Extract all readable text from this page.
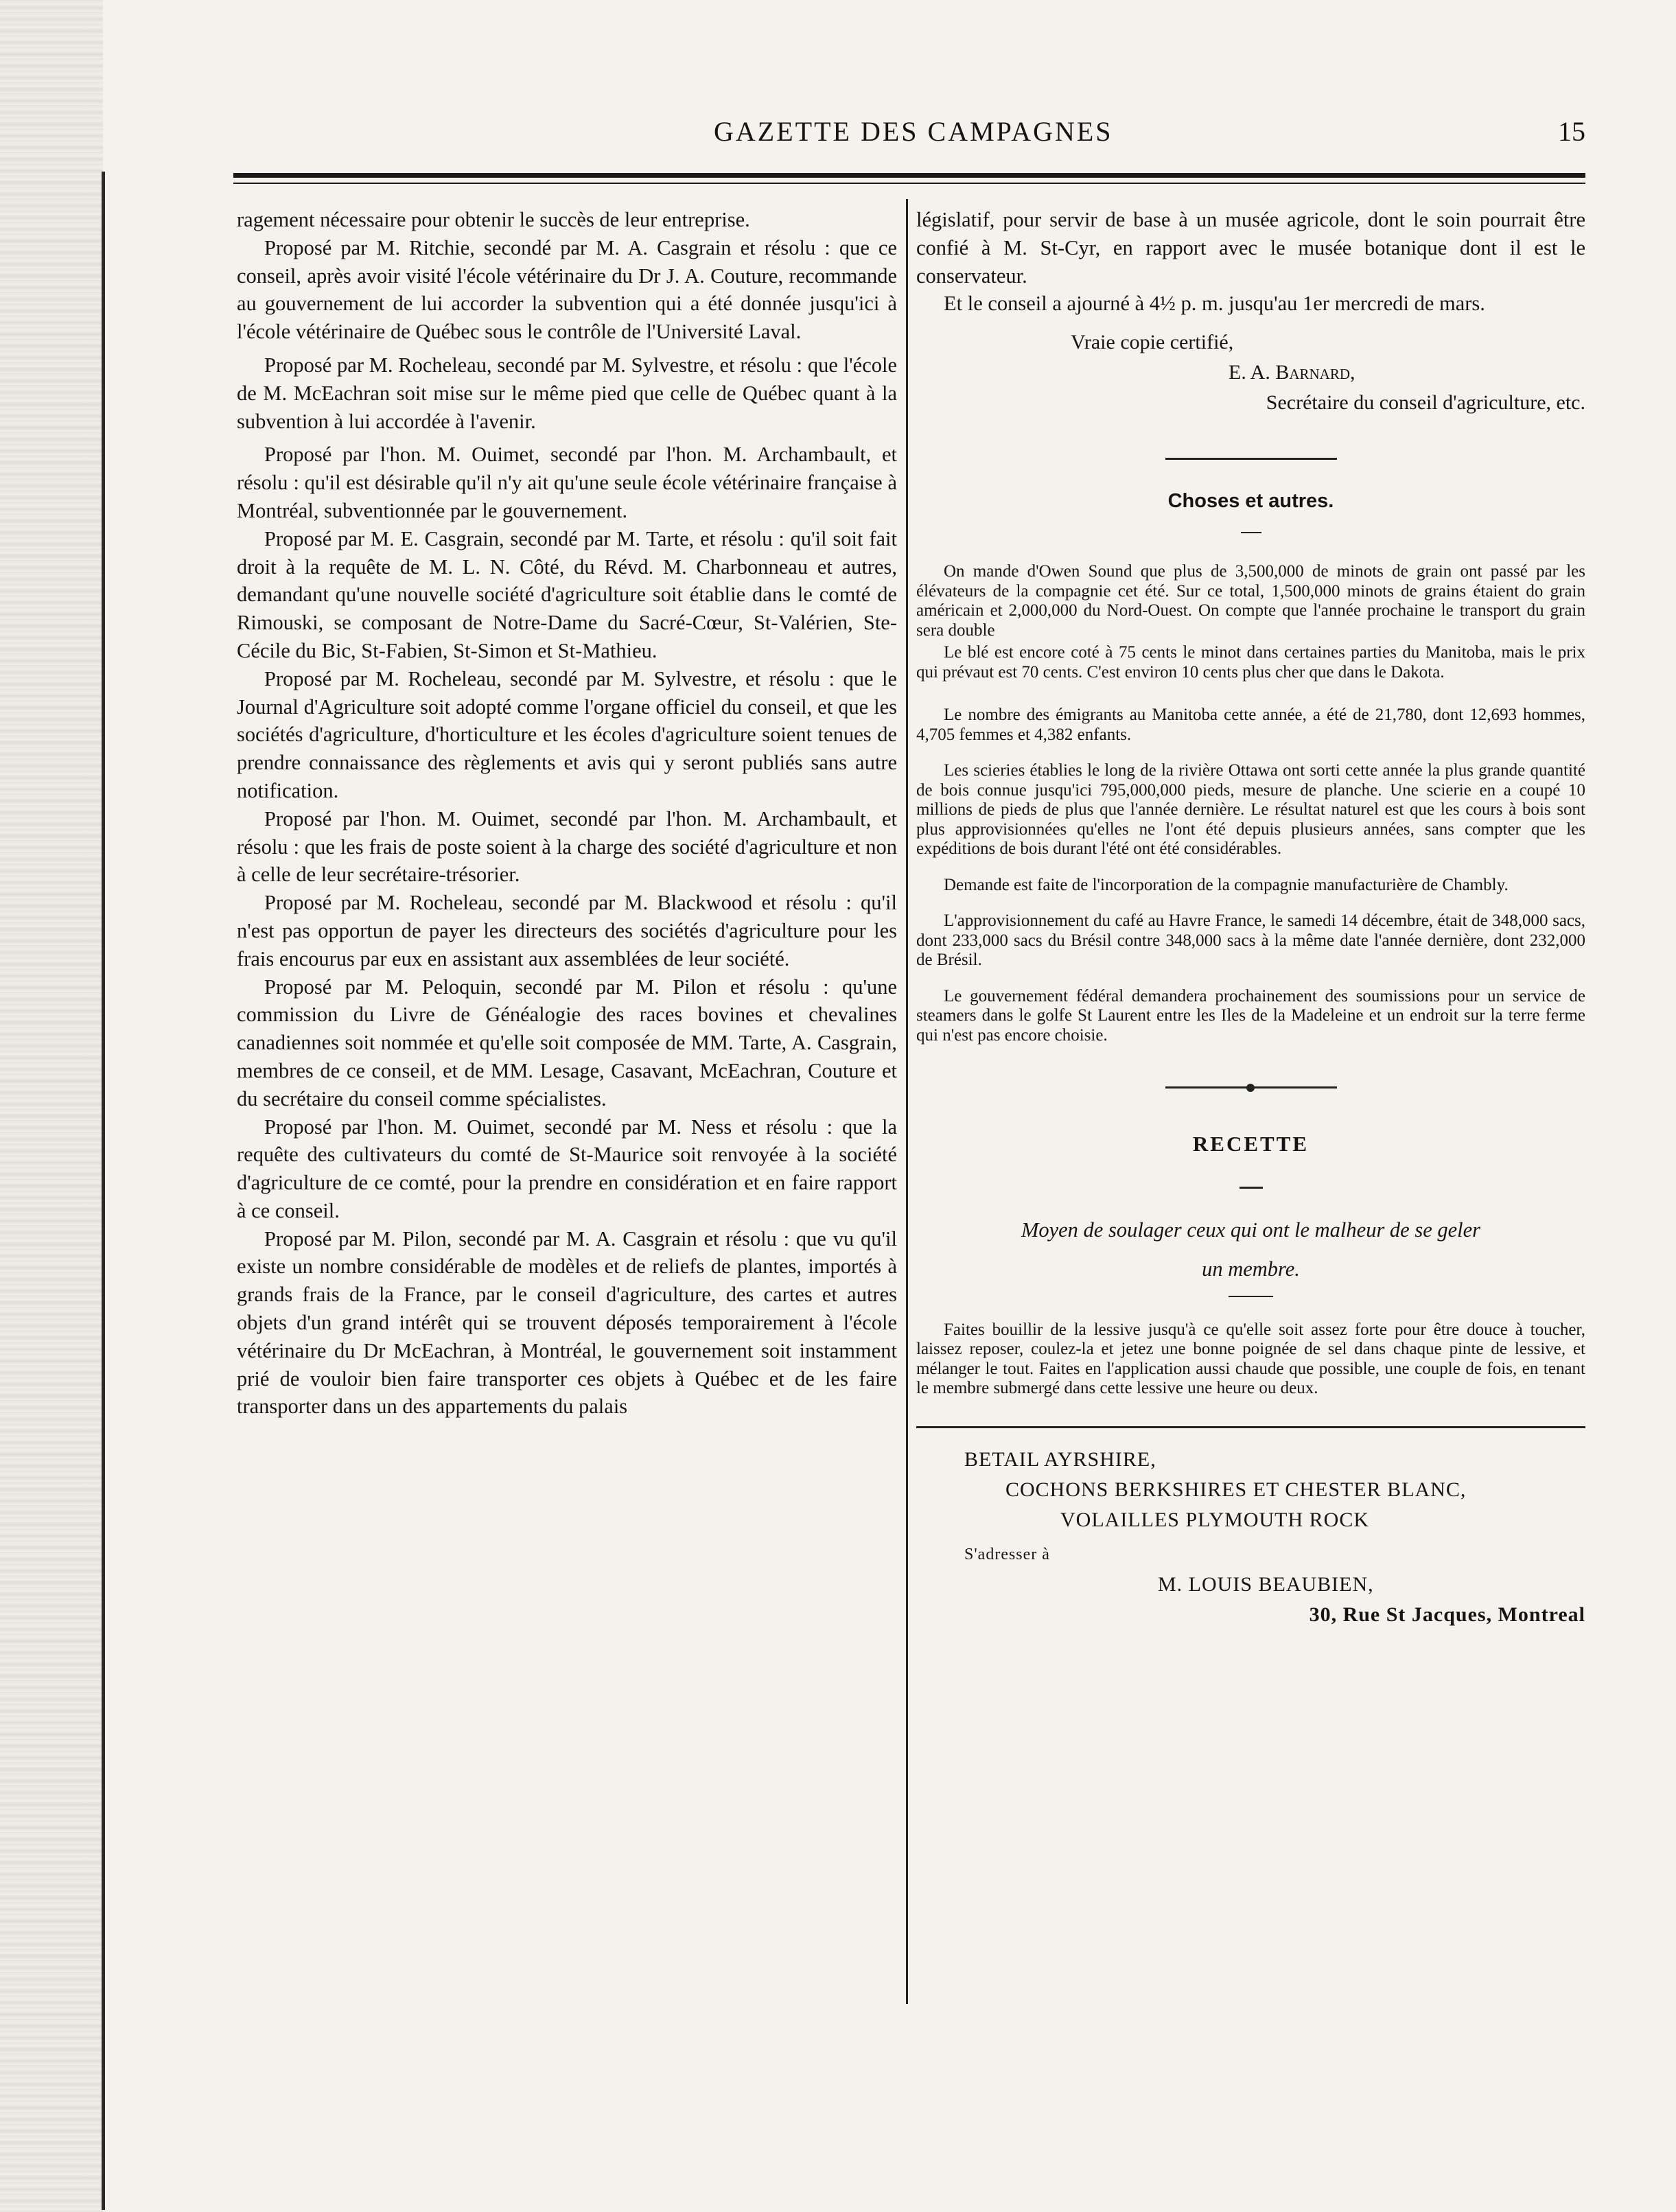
GAZETTE DES CAMPAGNES	15

ragement nécessaire pour obtenir le succès de leur entreprise.

Proposé par M. Ritchie, secondé par M. A. Casgrain et résolu : que ce conseil, après avoir visité l'école vétérinaire du Dr J. A. Couture, recommande au gouvernement de lui accorder la subvention qui a été donnée jusqu'ici à l'école vétérinaire de Québec sous le contrôle de l'Université Laval.

Proposé par M. Rocheleau, secondé par M. Sylvestre, et résolu : que l'école de M. McEachran soit mise sur le même pied que celle de Québec quant à la subvention à lui accordée à l'avenir.

Proposé par l'hon. M. Ouimet, secondé par l'hon. M. Archambault, et résolu : qu'il est désirable qu'il n'y ait qu'une seule école vétérinaire française à Montréal, subventionnée par le gouvernement.

Proposé par M. E. Casgrain, secondé par M. Tarte, et résolu : qu'il soit fait droit à la requête de M. L. N. Côté, du Révd. M. Charbonneau et autres, demandant qu'une nouvelle société d'agriculture soit établie dans le comté de Rimouski, se composant de Notre-Dame du Sacré-Cœur, St-Valérien, Ste-Cécile du Bic, St-Fabien, St-Simon et St-Mathieu.

Proposé par M. Rocheleau, secondé par M. Sylvestre, et résolu : que le Journal d'Agriculture soit adopté comme l'organe officiel du conseil, et que les sociétés d'agriculture, d'horticulture et les écoles d'agriculture soient tenues de prendre connaissance des règlements et avis qui y seront publiés sans autre notification.

Proposé par l'hon. M. Ouimet, secondé par l'hon. M. Archambault, et résolu : que les frais de poste soient à la charge des société d'agriculture et non à celle de leur secrétaire-trésorier.

Proposé par M. Rocheleau, secondé par M. Blackwood et résolu : qu'il n'est pas opportun de payer les directeurs des sociétés d'agriculture pour les frais encourus par eux en assistant aux assemblées de leur société.

Proposé par M. Peloquin, secondé par M. Pilon et résolu : qu'une commission du Livre de Généalogie des races bovines et chevalines canadiennes soit nommée et qu'elle soit composée de MM. Tarte, A. Casgrain, membres de ce conseil, et de MM. Lesage, Casavant, McEachran, Couture et du secrétaire du conseil comme spécialistes.

Proposé par l'hon. M. Ouimet, secondé par M. Ness et résolu : que la requête des cultivateurs du comté de St-Maurice soit renvoyée à la société d'agriculture de ce comté, pour la prendre en considération et en faire rapport à ce conseil.

Proposé par M. Pilon, secondé par M. A. Casgrain et résolu : que vu qu'il existe un nombre considérable de modèles et de reliefs de plantes, importés à grands frais de la France, par le conseil d'agriculture, des cartes et autres objets d'un grand intérêt qui se trouvent déposés temporairement à l'école vétérinaire du Dr McEachran, à Montréal, le gouvernement soit instamment prié de vouloir bien faire transporter ces objets à Québec et de les faire transporter dans un des appartements du palais

législatif, pour servir de base à un musée agricole, dont le soin pourrait être confié à M. St-Cyr, en rapport avec le musée botanique dont il est le conservateur.

Et le conseil a ajourné à 4½ p. m. jusqu'au 1er mercredi de mars.

Vraie copie certifié,
E. A. Barnard,
Secrétaire du conseil d'agriculture, etc.

Choses et autres.

On mande d'Owen Sound que plus de 3,500,000 de minots de grain ont passé par les élévateurs de la compagnie cet été. Sur ce total, 1,500,000 minots de grains étaient do grain américain et 2,000,000 du Nord-Ouest. On compte que l'année prochaine le transport du grain sera double

Le blé est encore coté à 75 cents le minot dans certaines parties du Manitoba, mais le prix qui prévaut est 70 cents. C'est environ 10 cents plus cher que dans le Dakota.

Le nombre des émigrants au Manitoba cette année, a été de 21,780, dont 12,693 hommes, 4,705 femmes et 4,382 enfants.

Les scieries établies le long de la rivière Ottawa ont sorti cette année la plus grande quantité de bois connue jusqu'ici 795,000,000 pieds, mesure de planche. Une scierie en a coupé 10 millions de pieds de plus que l'année dernière. Le résultat naturel est que les cours à bois sont plus approvisionnées qu'elles ne l'ont été depuis plusieurs années, sans compter que les expéditions de bois durant l'été ont été considérables.

Demande est faite de l'incorporation de la compagnie manufacturière de Chambly.

L'approvisionnement du café au Havre France, le samedi 14 décembre, était de 348,000 sacs, dont 233,000 sacs du Brésil contre 348,000 sacs à la même date l'année dernière, dont 232,000 de Brésil.

Le gouvernement fédéral demandera prochainement des soumissions pour un service de steamers dans le golfe St Laurent entre les Iles de la Madeleine et un endroit sur la terre ferme qui n'est pas encore choisie.

RECETTE

Moyen de soulager ceux qui ont le malheur de se geler

un membre.

Faites bouillir de la lessive jusqu'à ce qu'elle soit assez forte pour être douce à toucher, laissez reposer, coulez-la et jetez une bonne poignée de sel dans chaque pinte de lessive, et mélanger le tout. Faites en l'application aussi chaude que possible, une couple de fois, en tenant le membre submergé dans cette lessive une heure ou deux.

BETAIL AYRSHIRE,

COCHONS BERKSHIRES ET CHESTER BLANC,

VOLAILLES PLYMOUTH ROCK

S'adresser à

M. LOUIS BEAUBIEN,

30, Rue St Jacques, Montreal
